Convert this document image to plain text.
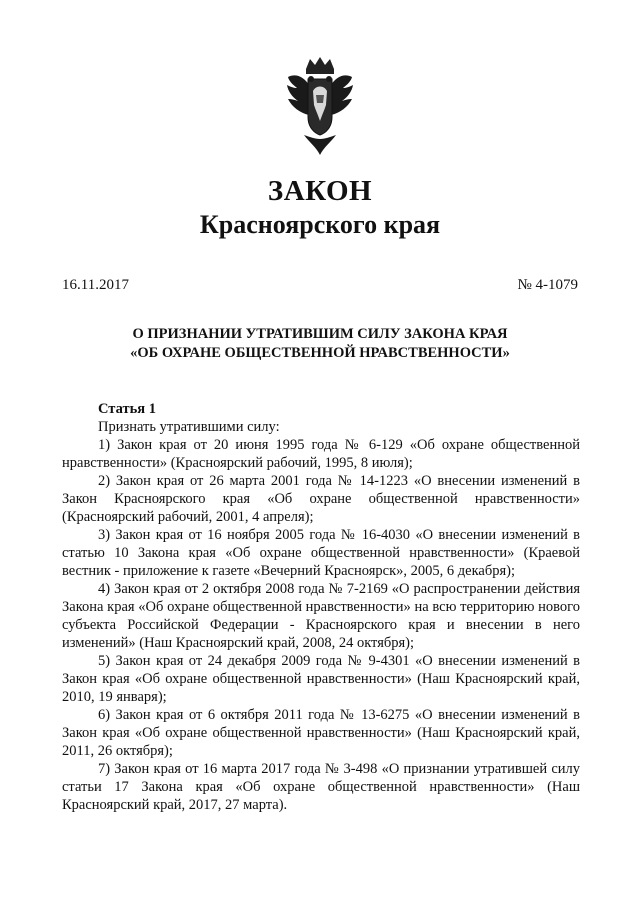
ЗАКОН
Красноярского края
16.11.2017	№ 4-1079
О ПРИЗНАНИИ УТРАТИВШИМ СИЛУ ЗАКОНА КРАЯ
«ОБ ОХРАНЕ ОБЩЕСТВЕННОЙ НРАВСТВЕННОСТИ»

Статья 1

Признать утратившими силу:

1) Закон края от 20 июня 1995 года № 6-129 «Об охране общественной нравственности» (Красноярский рабочий, 1995, 8 июля);

2) Закон края от 26 марта 2001 года № 14-1223 «О внесении изменений в Закон Красноярского края «Об охране общественной нравственности» (Красноярский рабочий, 2001, 4 апреля);

3) Закон края от 16 ноября 2005 года № 16-4030 «О внесении изменений в статью 10 Закона края «Об охране общественной нравственности» (Краевой вестник - приложение к газете «Вечерний Красноярск», 2005, 6 декабря);

4) Закон края от 2 октября 2008 года № 7-2169 «О распространении действия Закона края «Об охране общественной нравственности» на всю территорию нового субъекта Российской Федерации - Красноярского края и внесении в него изменений» (Наш Красноярский край, 2008, 24 октября);

5) Закон края от 24 декабря 2009 года № 9-4301 «О внесении изменений в Закон края «Об охране общественной нравственности» (Наш Красноярский край, 2010, 19 января);

6) Закон края от 6 октября 2011 года № 13-6275 «О внесении изменений в Закон края «Об охране общественной нравственности» (Наш Красноярский край, 2011, 26 октября);

7) Закон края от 16 марта 2017 года № 3-498 «О признании утратившей силу статьи 17 Закона края «Об охране общественной нравственности» (Наш Красноярский край, 2017, 27 марта).
